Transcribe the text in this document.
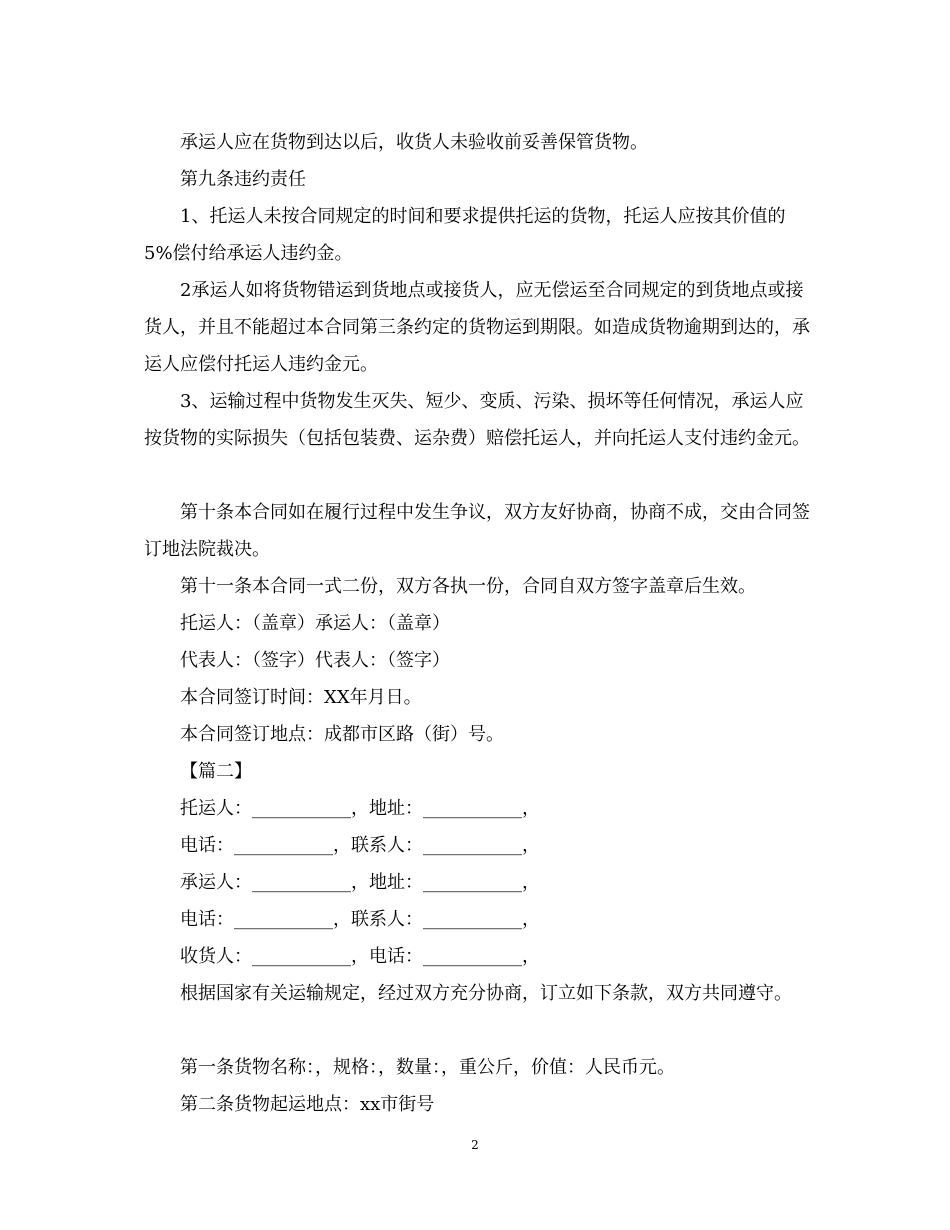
承运人应在货物到达以后，收货人未验收前妥善保管货物。

第九条违约责任

1、托运人未按合同规定的时间和要求提供托运的货物，托运人应按其价值的5%偿付给承运人违约金。

2承运人如将货物错运到货地点或接货人，应无偿运至合同规定的到货地点或接货人，并且不能超过本合同第三条约定的货物运到期限。如造成货物逾期到达的，承运人应偿付托运人违约金元。

3、运输过程中货物发生灭失、短少、变质、污染、损坏等任何情况，承运人应按货物的实际损失（包括包装费、运杂费）赔偿托运人，并向托运人支付违约金元。

第十条本合同如在履行过程中发生争议，双方友好协商，协商不成，交由合同签订地法院裁决。

第十一条本合同一式二份，双方各执一份，合同自双方签字盖章后生效。

托运人：（盖章）承运人：（盖章）

代表人：（签字）代表人：（签字）

本合同签订时间：XX年月日。

本合同签订地点：成都市区路（街）号。

【篇二】

托运人：___________，地址：___________，

电话：___________，联系人：___________，

承运人：___________，地址：___________，

电话：___________，联系人：___________，

收货人：___________，电话：___________，

根据国家有关运输规定，经过双方充分协商，订立如下条款，双方共同遵守。

第一条货物名称：，规格：，数量：，重公斤，价值：人民币元。

第二条货物起运地点：xx市街号

2
